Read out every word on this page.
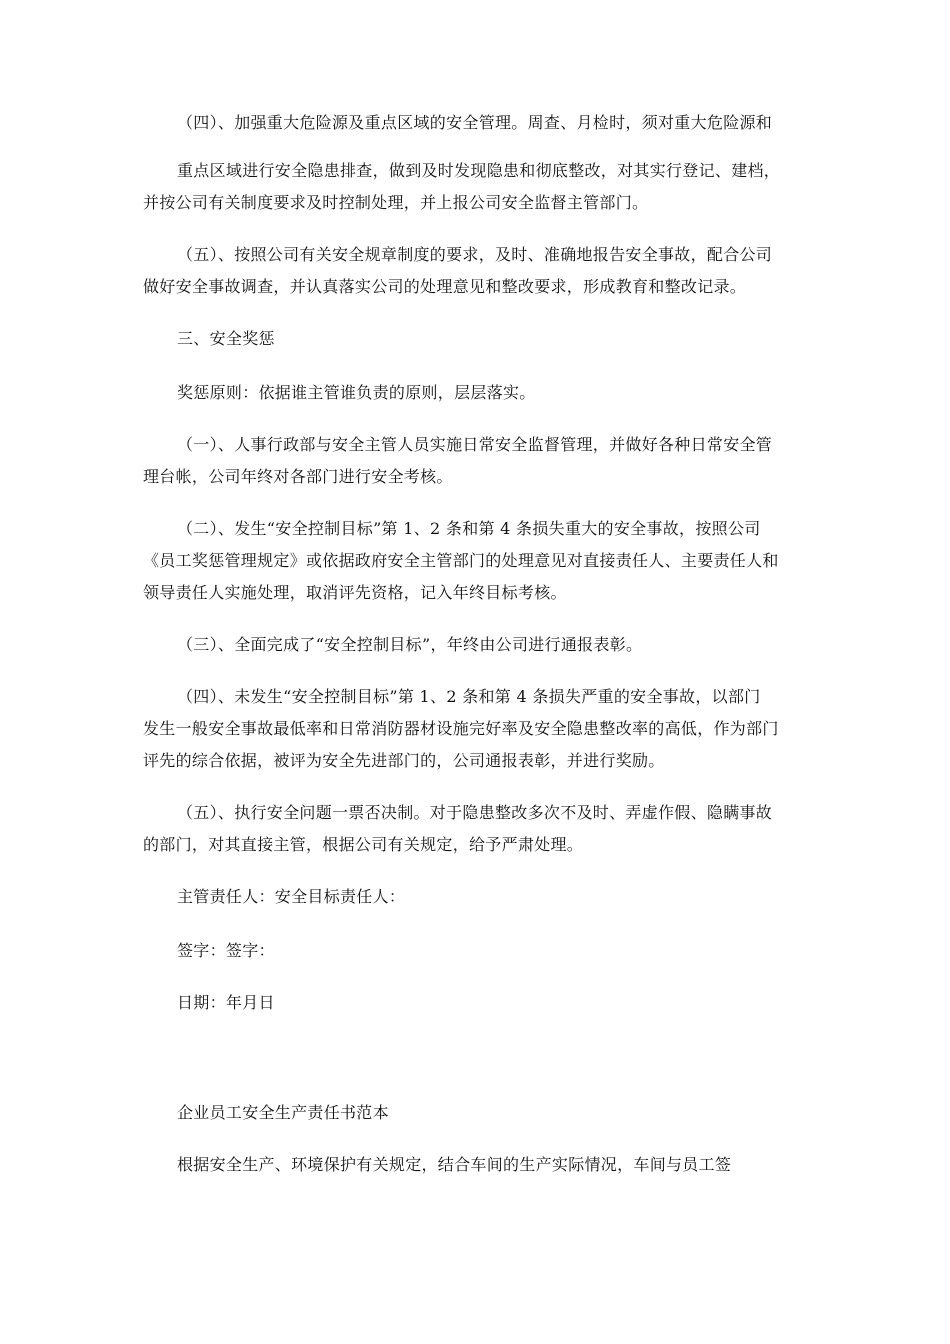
（四）、加强重大危险源及重点区域的安全管理。周查、月检时，须对重大危险源和
重点区域进行安全隐患排查，做到及时发现隐患和彻底整改，对其实行登记、建档，
并按公司有关制度要求及时控制处理，并上报公司安全监督主管部门。
（五）、按照公司有关安全规章制度的要求，及时、准确地报告安全事故，配合公司
做好安全事故调查，并认真落实公司的处理意见和整改要求，形成教育和整改记录。
三、安全奖惩
奖惩原则：依据谁主管谁负责的原则，层层落实。
（一）、人事行政部与安全主管人员实施日常安全监督管理，并做好各种日常安全管
理台帐，公司年终对各部门进行安全考核。
（二）、发生“安全控制目标”第 1、2 条和第 4 条损失重大的安全事故，按照公司
《员工奖惩管理规定》或依据政府安全主管部门的处理意见对直接责任人、主要责任人和
领导责任人实施处理，取消评先资格，记入年终目标考核。
（三）、全面完成了“安全控制目标”，年终由公司进行通报表彰。
（四）、未发生“安全控制目标”第 1、2 条和第 4 条损失严重的安全事故，以部门
发生一般安全事故最低率和日常消防器材设施完好率及安全隐患整改率的高低，作为部门
评先的综合依据，被评为安全先进部门的，公司通报表彰，并进行奖励。
（五）、执行安全问题一票否决制。对于隐患整改多次不及时、弄虚作假、隐瞒事故
的部门，对其直接主管，根据公司有关规定，给予严肃处理。
主管责任人：安全目标责任人：
签字：签字：
日期：年月日
企业员工安全生产责任书范本
根据安全生产、环境保护有关规定，结合车间的生产实际情况，车间与员工签
